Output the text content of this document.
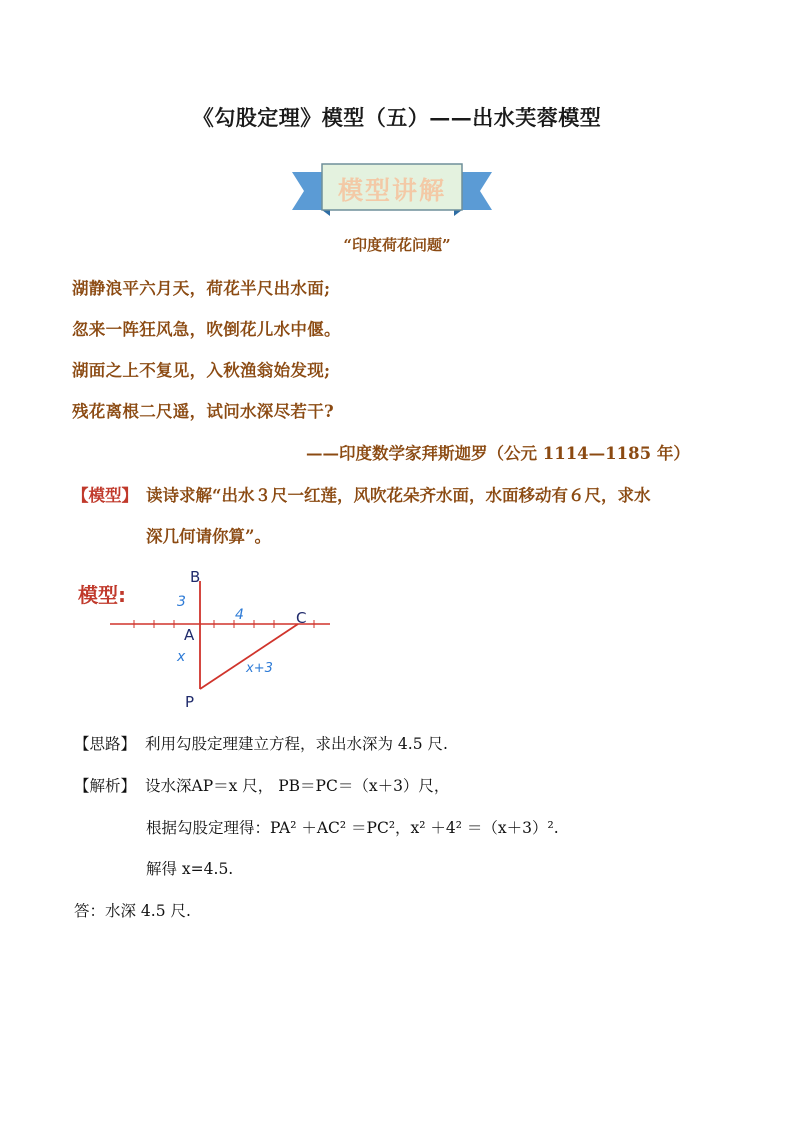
《勾股定理》模型（五）——出水芙蓉模型
模型讲解
“印度荷花问题”
湖静浪平六月天，荷花半尺出水面;
忽来一阵狂风急，吹倒花儿水中偃。
湖面之上不复见，入秋渔翁始发现;
残花离根二尺遥，试问水深尽若干?
——印度数学家拜斯迦罗（公元 1114—1185 年）
【模型】 读诗求解“出水３尺一红莲，风吹花朵齐水面，水面移动有６尺，求水
深几何请你算”。
模型:
B
A
C
P
3
4
x
x+3
【思路】 利用勾股定理建立方程，求出水深为 4.5 尺.
【解析】 设水深AP＝x 尺， PB＝PC＝（x＋3）尺，
根据勾股定理得：PA² ＋AC² ＝PC²，x² ＋4² ＝（x＋3）².
解得 x=4.5.
答：水深 4.5 尺.
